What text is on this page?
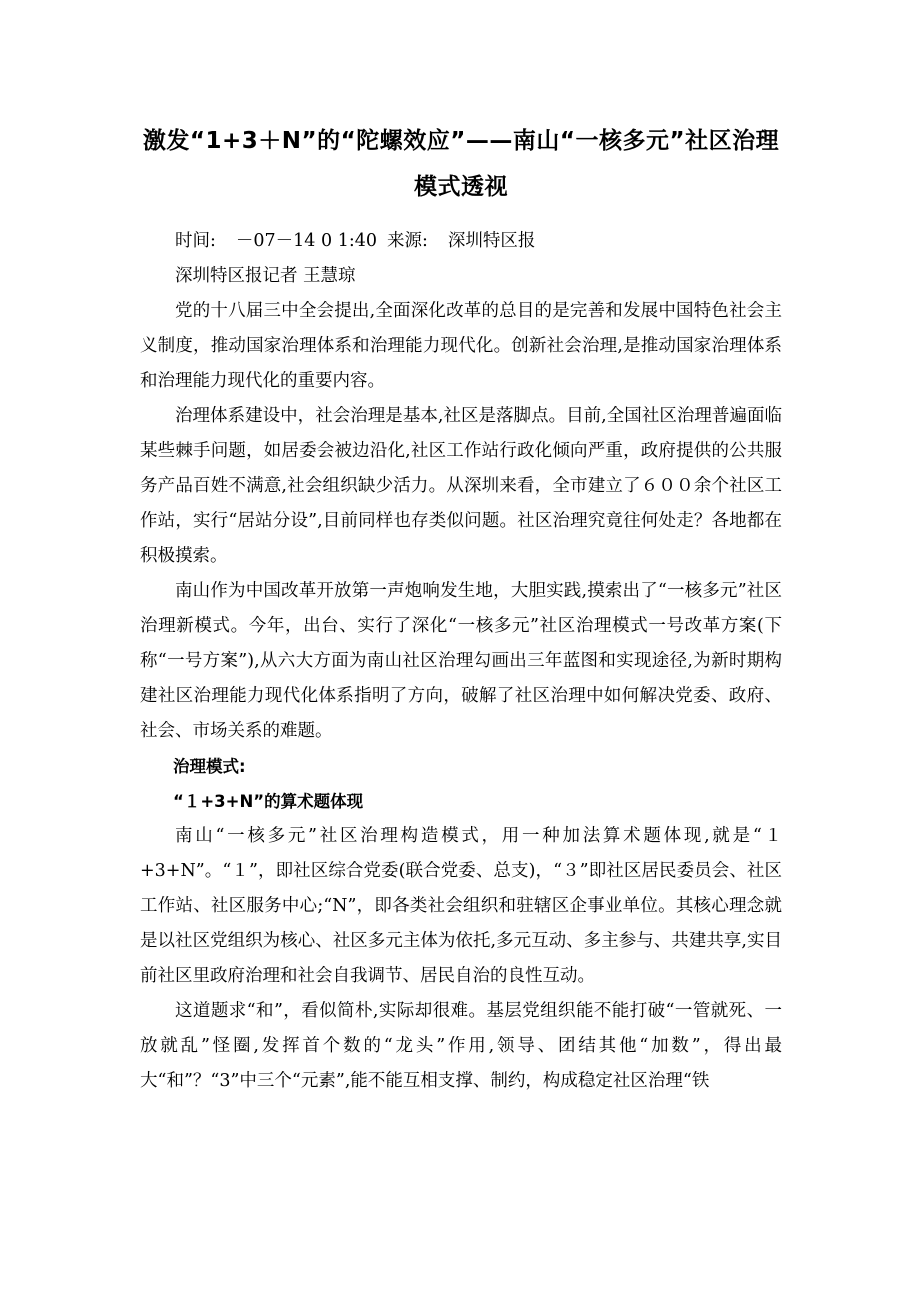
激发“1+3＋N”的“陀螺效应”——南山“一核多元”社区治理
模式透视

时间: －07－14 0 1:40 来源: 深圳特区报

深圳特区报记者 王慧琼

党的十八届三中全会提出,全面深化改革的总目的是完善和发展中国特色社会主义制度，推动国家治理体系和治理能力现代化。创新社会治理,是推动国家治理体系和治理能力现代化的重要内容。

治理体系建设中，社会治理是基本,社区是落脚点。目前,全国社区治理普遍面临某些棘手问题，如居委会被边沿化,社区工作站行政化倾向严重，政府提供的公共服务产品百姓不满意,社会组织缺少活力。从深圳来看，全市建立了６００余个社区工作站，实行“居站分设”,目前同样也存类似问题。社区治理究竟往何处走？各地都在积极摸索。

南山作为中国改革开放第一声炮响发生地，大胆实践,摸索出了“一核多元”社区治理新模式。今年，出台、实行了深化“一核多元”社区治理模式一号改革方案(下称“一号方案”),从六大方面为南山社区治理勾画出三年蓝图和实现途径,为新时期构建社区治理能力现代化体系指明了方向，破解了社区治理中如何解决党委、政府、社会、市场关系的难题。

治理模式:

“１+3+N”的算术题体现

南山“一核多元”社区治理构造模式，用一种加法算术题体现,就是“１+3+N”。“１”，即社区综合党委(联合党委、总支)，“３”即社区居民委员会、社区工作站、社区服务中心;“N”，即各类社会组织和驻辖区企事业单位。其核心理念就是以社区党组织为核心、社区多元主体为依托,多元互动、多主参与、共建共享,实目前社区里政府治理和社会自我调节、居民自治的良性互动。

这道题求“和”，看似简朴,实际却很难。基层党组织能不能打破“一管就死、一放就乱”怪圈,发挥首个数的“龙头”作用,领导、团结其他“加数”，得出最大“和”？“3”中三个“元素”,能不能互相支撑、制约，构成稳定社区治理“铁
